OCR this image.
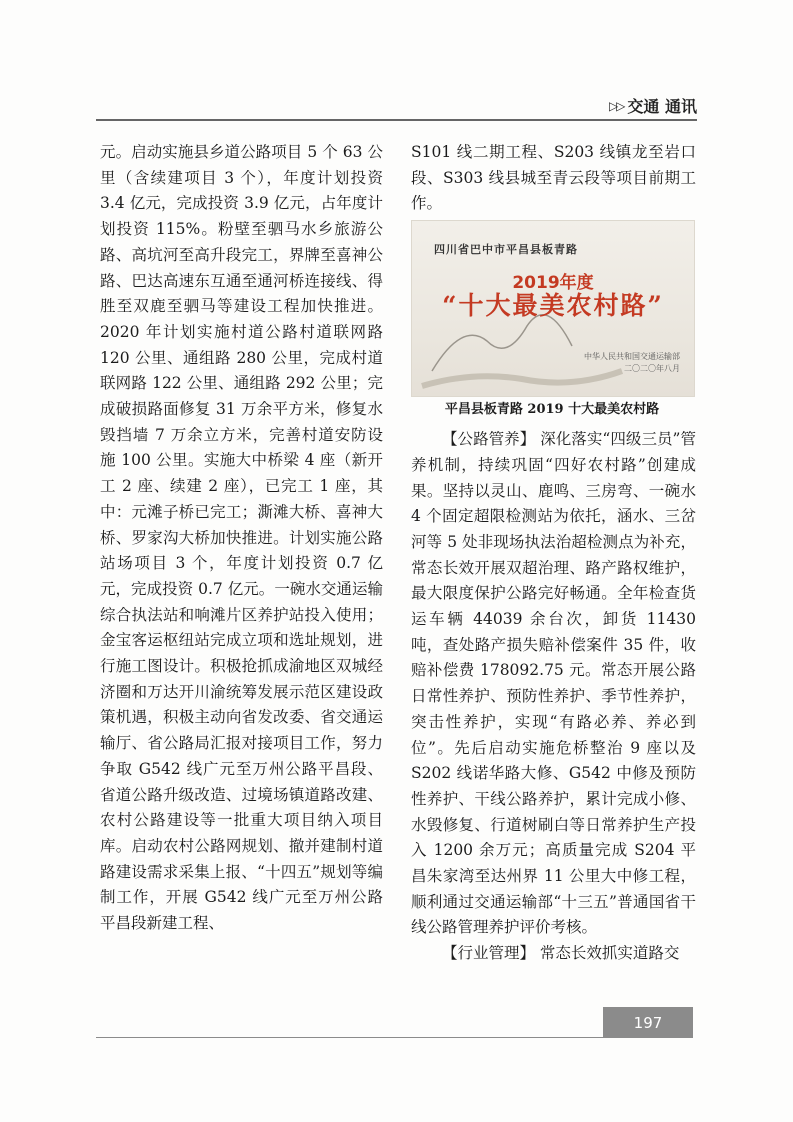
▷▷ 交通 通讯

元。启动实施县乡道公路项目 5 个 63 公里（含续建项目 3 个），年度计划投资 3.4 亿元，完成投资 3.9 亿元，占年度计划投资 115%。粉壁至驷马水乡旅游公路、高坑河至高升段完工，界牌至喜神公路、巴达高速东互通至通河桥连接线、得胜至双鹿至驷马等建设工程加快推进。2020 年计划实施村道公路村道联网路 120 公里、通组路 280 公里，完成村道联网路 122 公里、通组路 292 公里；完成破损路面修复 31 万余平方米，修复水毁挡墙 7 万余立方米，完善村道安防设施 100 公里。实施大中桥梁 4 座（新开工 2 座、续建 2 座），已完工 1 座，其中：元滩子桥已完工；澌滩大桥、喜神大桥、罗家沟大桥加快推进。计划实施公路站场项目 3 个，年度计划投资 0.7 亿元，完成投资 0.7 亿元。一碗水交通运输综合执法站和响滩片区养护站投入使用；金宝客运枢纽站完成立项和选址规划，进行施工图设计。积极抢抓成渝地区双城经济圈和万达开川渝统筹发展示范区建设政策机遇，积极主动向省发改委、省交通运输厅、省公路局汇报对接项目工作，努力争取 G542 线广元至万州公路平昌段、省道公路升级改造、过境场镇道路改建、农村公路建设等一批重大项目纳入项目库。启动农村公路网规划、撤并建制村道路建设需求采集上报、“十四五”规划等编制工作，开展 G542 线广元至万州公路平昌段新建工程、

S101 线二期工程、S203 线镇龙至岩口段、S303 线县城至青云段等项目前期工作。

四川省巴中市平昌县板青路
2019年度
“十大最美农村路”
中华人民共和国交通运输部
二〇二〇年八月
平昌县板青路 2019 十大最美农村路

【公路管养】 深化落实“四级三员”管养机制，持续巩固“四好农村路”创建成果。坚持以灵山、鹿鸣、三房弯、一碗水 4 个固定超限检测站为依托，涵水、三岔河等 5 处非现场执法治超检测点为补充，常态长效开展双超治理、路产路权维护，最大限度保护公路完好畅通。全年检查货运车辆 44039 余台次，卸货 11430 吨，查处路产损失赔补偿案件 35 件，收赔补偿费 178092.75 元。常态开展公路日常性养护、预防性养护、季节性养护，突击性养护，实现“有路必养、养必到位”。先后启动实施危桥整治 9 座以及 S202 线诺华路大修、G542 中修及预防性养护、干线公路养护，累计完成小修、水毁修复、行道树刷白等日常养护生产投入 1200 余万元；高质量完成 S204 平昌朱家湾至达州界 11 公里大中修工程，顺利通过交通运输部“十三五”普通国省干线公路管理养护评价考核。

【行业管理】 常态长效抓实道路交

197
